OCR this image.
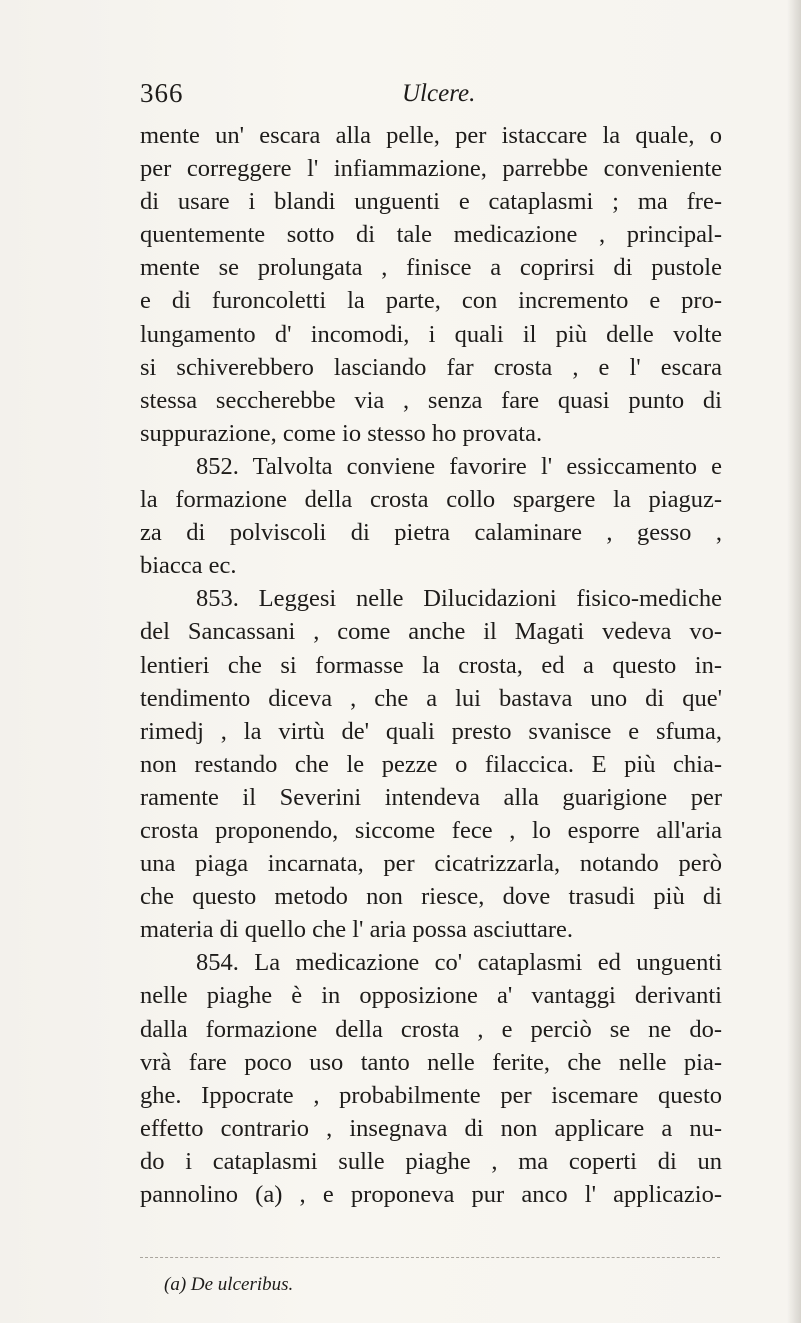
366	Ulcere.
mente un' escara alla pelle, per istaccare la quale, o
per correggere l' infiammazione, parrebbe conveniente
di usare i blandi unguenti e cataplasmi ; ma fre-
quentemente sotto di tale medicazione , principal-
mente se prolungata , finisce a coprirsi di pustole
e di furoncoletti la parte, con incremento e pro-
lungamento d' incomodi, i quali il più delle volte
si schiverebbero lasciando far crosta , e l' escara
stessa seccherebbe via , senza fare quasi punto di
suppurazione, come io stesso ho provata.
852. Talvolta conviene favorire l' essiccamento e
la formazione della crosta collo spargere la piaguz-
za di polviscoli di pietra calaminare , gesso ,
biacca ec.
853. Leggesi nelle Dilucidazioni fisico-mediche
del Sancassani , come anche il Magati vedeva vo-
lentieri che si formasse la crosta, ed a questo in-
tendimento diceva , che a lui bastava uno di que'
rimedj , la virtù de' quali presto svanisce e sfuma,
non restando che le pezze o filaccica. E più chia-
ramente il Severini intendeva alla guarigione per
crosta proponendo, siccome fece , lo esporre all'aria
una piaga incarnata, per cicatrizzarla, notando però
che questo metodo non riesce, dove trasudi più di
materia di quello che l' aria possa asciuttare.
854. La medicazione co' cataplasmi ed unguenti
nelle piaghe è in opposizione a' vantaggi derivanti
dalla formazione della crosta , e perciò se ne do-
vrà fare poco uso tanto nelle ferite, che nelle pia-
ghe. Ippocrate , probabilmente per iscemare questo
effetto contrario , insegnava di non applicare a nu-
do i cataplasmi sulle piaghe , ma coperti di un
pannolino (a) , e proponeva pur anco l' applicazio-
(a) De ulceribus.
